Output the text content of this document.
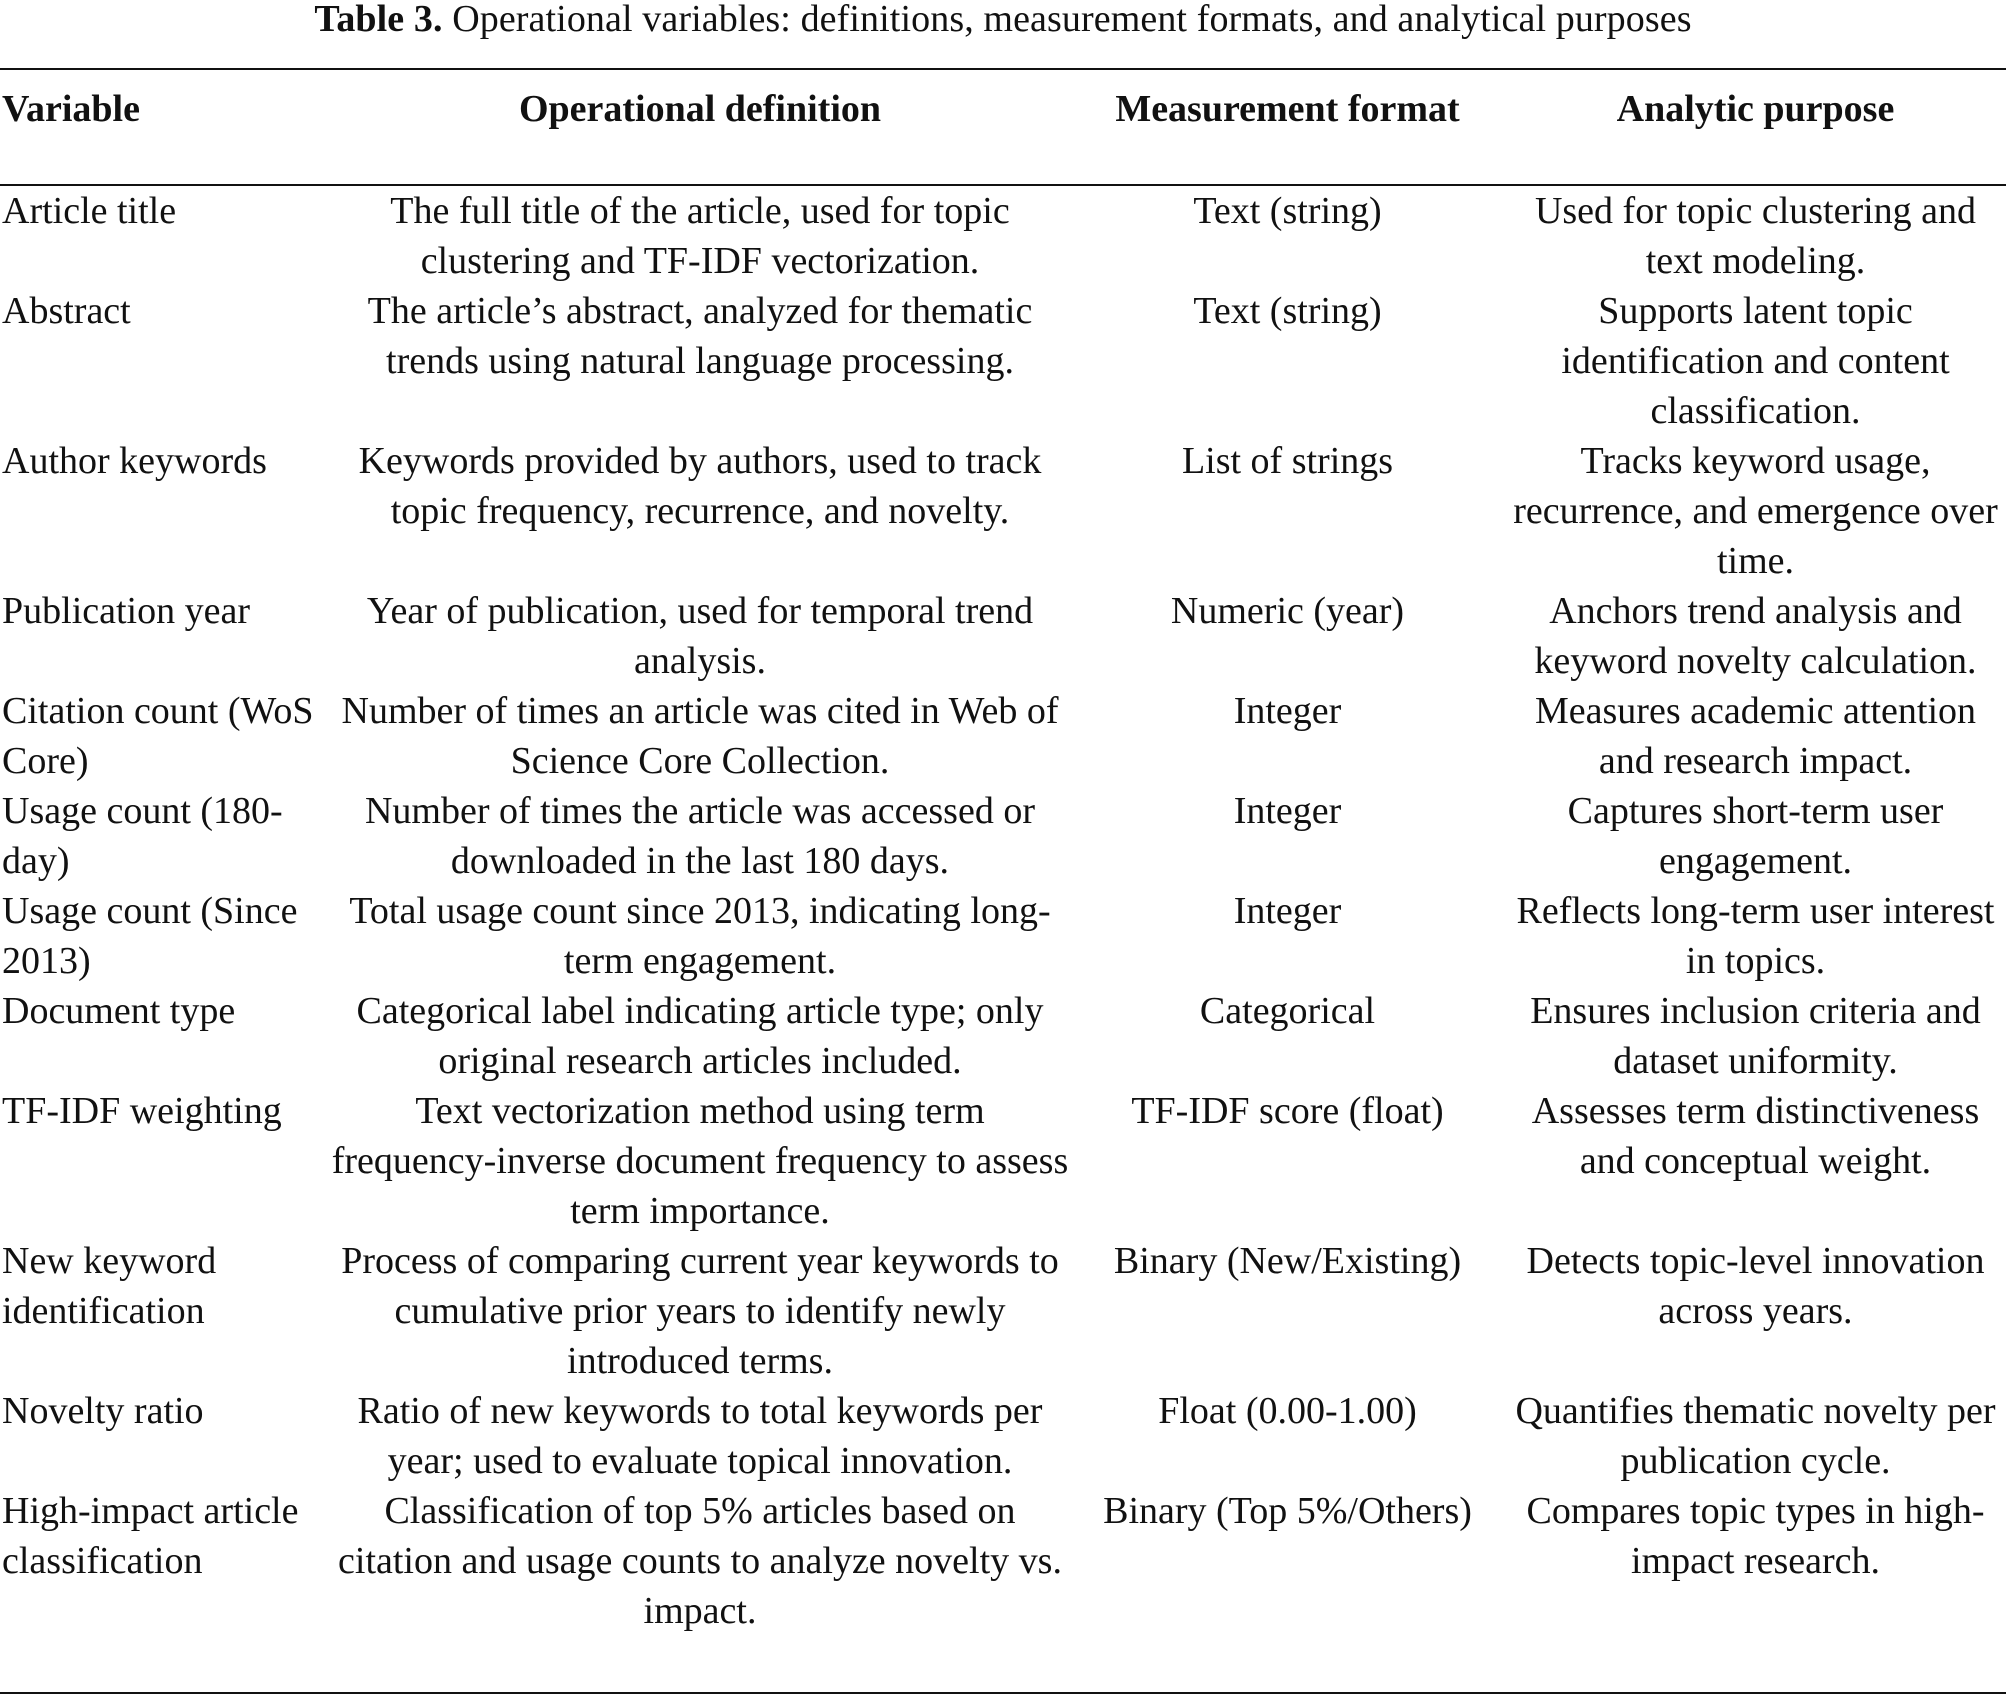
Table 3. Operational variables: definitions, measurement formats, and analytical purposes
Variable	Operational definition	Measurement format	Analytic purpose
Article title	The full title of the article, used for topic clustering and TF-IDF vectorization.	Text (string)	Used for topic clustering and text modeling.
Abstract	The article’s abstract, analyzed for thematic trends using natural language processing.	Text (string)	Supports latent topic identification and content classification.
Author keywords	Keywords provided by authors, used to track topic frequency, recurrence, and novelty.	List of strings	Tracks keyword usage, recurrence, and emergence over time.
Publication year	Year of publication, used for temporal trend analysis.	Numeric (year)	Anchors trend analysis and keyword novelty calculation.
Citation count (WoS Core)	Number of times an article was cited in Web of Science Core Collection.	Integer	Measures academic attention and research impact.
Usage count (180-day)	Number of times the article was accessed or downloaded in the last 180 days.	Integer	Captures short-term user engagement.
Usage count (Since 2013)	Total usage count since 2013, indicating long-term engagement.	Integer	Reflects long-term user interest in topics.
Document type	Categorical label indicating article type; only original research articles included.	Categorical	Ensures inclusion criteria and dataset uniformity.
TF-IDF weighting	Text vectorization method using term frequency-inverse document frequency to assess term importance.	TF-IDF score (float)	Assesses term distinctiveness and conceptual weight.
New keyword identification	Process of comparing current year keywords to cumulative prior years to identify newly introduced terms.	Binary (New/Existing)	Detects topic-level innovation across years.
Novelty ratio	Ratio of new keywords to total keywords per year; used to evaluate topical innovation.	Float (0.00-1.00)	Quantifies thematic novelty per publication cycle.
High-impact article classification	Classification of top 5% articles based on citation and usage counts to analyze novelty vs. impact.	Binary (Top 5%/Others)	Compares topic types in high-impact research.
